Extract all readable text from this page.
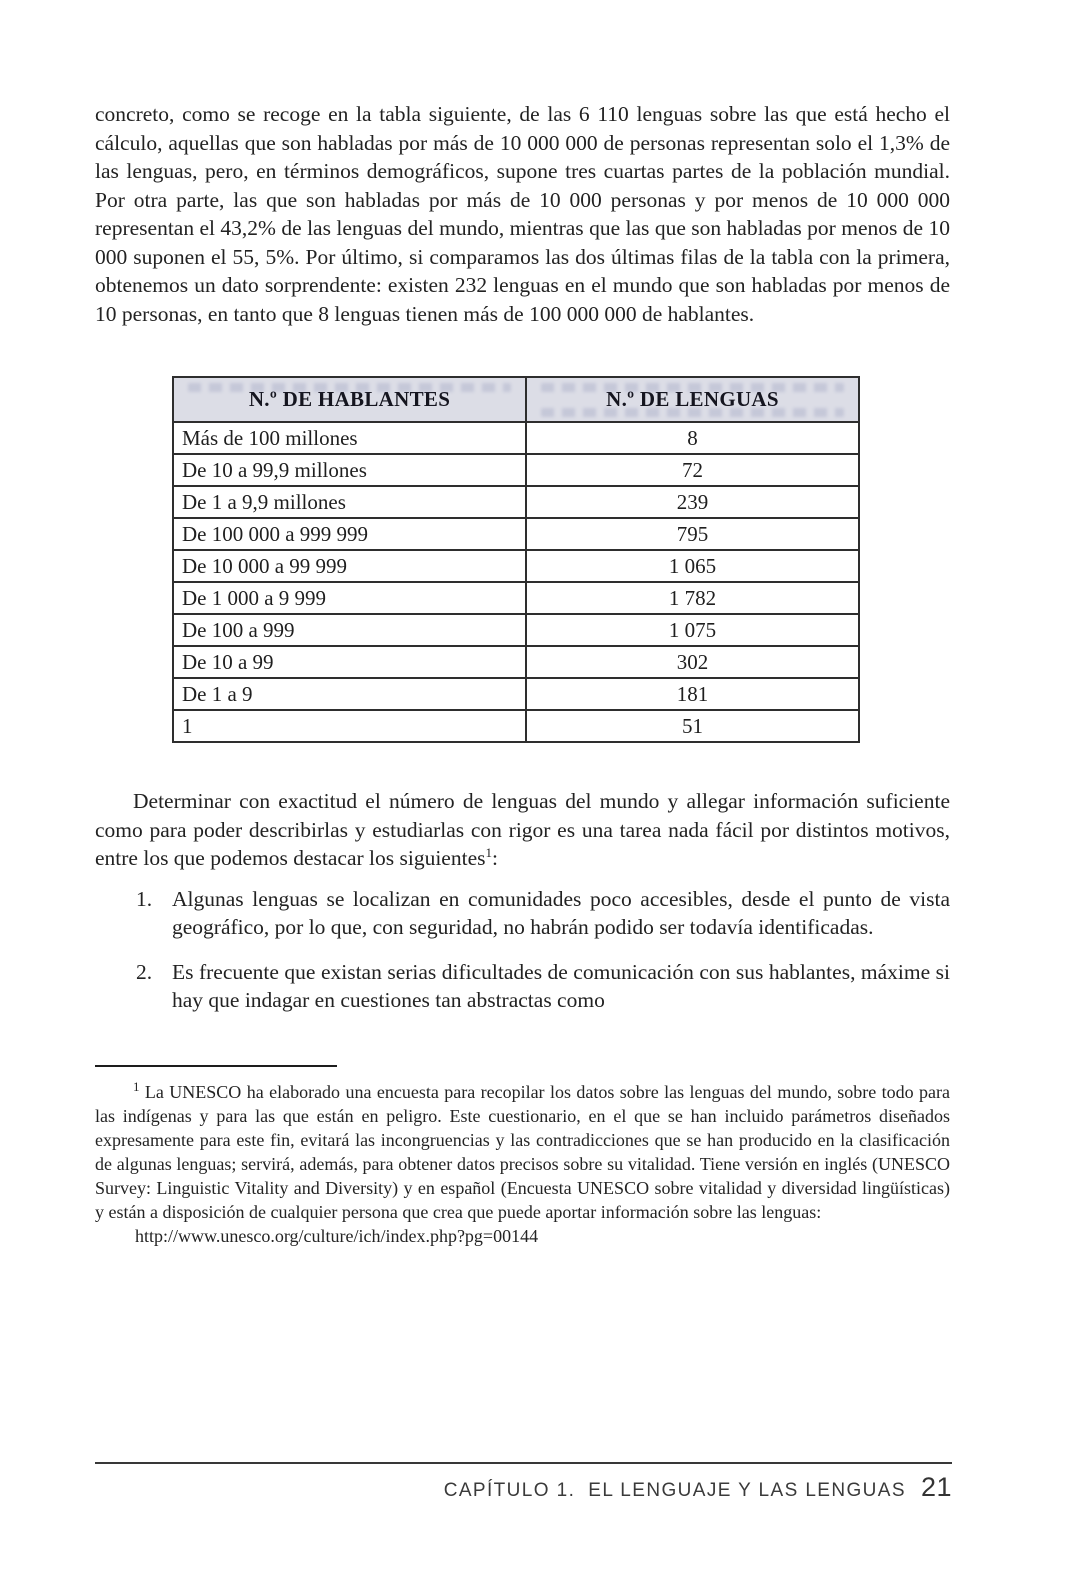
concreto, como se recoge en la tabla siguiente, de las 6 110 lenguas sobre las que está hecho el cálculo, aquellas que son habladas por más de 10 000 000 de personas representan solo el 1,3% de las lenguas, pero, en términos demográficos, supone tres cuartas partes de la población mundial. Por otra parte, las que son habladas por más de 10 000 personas y por menos de 10 000 000 representan el 43,2% de las lenguas del mundo, mientras que las que son habladas por menos de 10 000 suponen el 55, 5%. Por último, si comparamos las dos últimas filas de la tabla con la primera, obtenemos un dato sorprendente: existen 232 lenguas en el mundo que son habladas por menos de 10 personas, en tanto que 8 lenguas tienen más de 100 000 000 de hablantes.

N.º DE HABLANTES	N.º DE LENGUAS

Más de 100 millones	8
De 10 a 99,9 millones	72
De 1 a 9,9 millones	239
De 100 000 a 999 999	795
De 10 000 a 99 999	1 065
De 1 000 a 9 999	1 782
De 100 a 999	1 075
De 10 a 99	302
De 1 a 9	181
1	51

Determinar con exactitud el número de lenguas del mundo y allegar información suficiente como para poder describirlas y estudiarlas con rigor es una tarea nada fácil por distintos motivos, entre los que podemos destacar los siguientes$^1$:

1. Algunas lenguas se localizan en comunidades poco accesibles, desde el punto de vista geográfico, por lo que, con seguridad, no habrán podido ser todavía identificadas.
2. Es frecuente que existan serias dificultades de comunicación con sus hablantes, máxime si hay que indagar en cuestiones tan abstractas como

$^1$ La UNESCO ha elaborado una encuesta para recopilar los datos sobre las lenguas del mundo, sobre todo para las indígenas y para las que están en peligro. Este cuestionario, en el que se han incluido parámetros diseñados expresamente para este fin, evitará las incongruencias y las contradicciones que se han producido en la clasificación de algunas lenguas; servirá, además, para obtener datos precisos sobre su vitalidad. Tiene versión en inglés (UNESCO Survey: Linguistic Vitality and Diversity) y en español (Encuesta UNESCO sobre vitalidad y diversidad lingüísticas) y están a disposición de cualquier persona que crea que puede aportar información sobre las lenguas:

http://www.unesco.org/culture/ich/index.php?pg=00144
CAPÍTULO 1. EL LENGUAJE Y LAS LENGUAS 21
